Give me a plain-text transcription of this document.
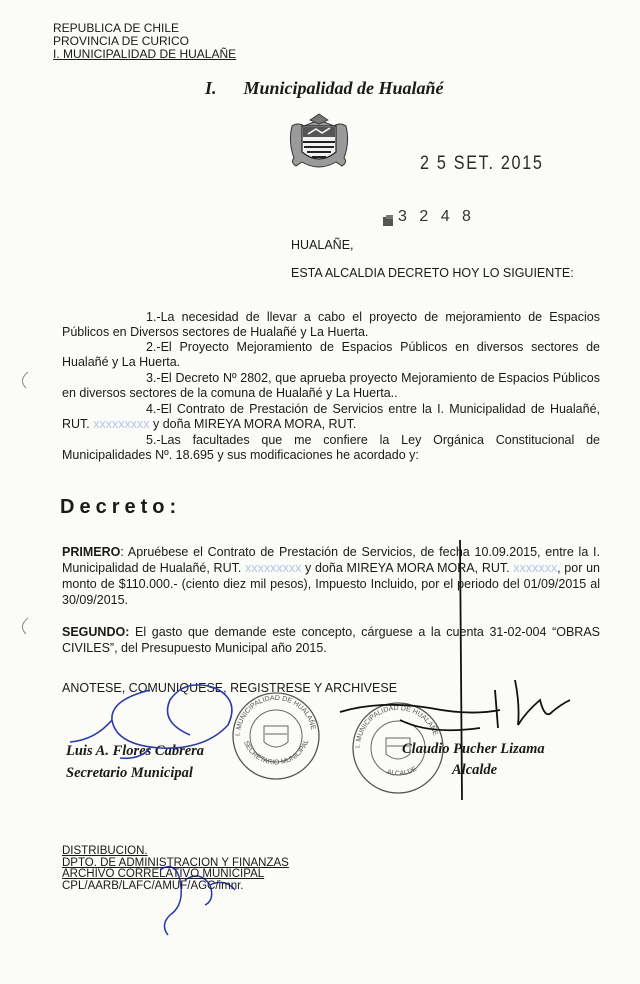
REPUBLICA DE CHILE
PROVINCIA DE CURICO
I. MUNICIPALIDAD DE HUALAÑE
I. Municipalidad de Hualañé
2 5 SET. 2015
3 2 4 8
HUALAÑE,
ESTA ALCALDIA DECRETO HOY LO SIGUIENTE:
1.-La necesidad de llevar a cabo el proyecto de mejoramiento de Espacios Públicos en Diversos sectores de Hualañé y La Huerta.
2.-El Proyecto Mejoramiento de Espacios Públicos en diversos sectores de Hualañé y La Huerta.
3.-El Decreto Nº 2802, que aprueba proyecto Mejoramiento de Espacios Públicos en diversos sectores de la comuna de Hualañé y La Huerta..
4.-El Contrato de Prestación de Servicios entre la I. Municipalidad de Hualañé, RUT. xxxxxxxxx y doña MIREYA MORA MORA, RUT.
5.-Las facultades que me confiere la Ley Orgánica Constitucional de Municipalidades Nº. 18.695 y sus modificaciones he acordado y:
Decreto:
PRIMERO: Apruébese el Contrato de Prestación de Servicios, de fecha 10.09.2015, entre la I. Municipalidad de Hualañé, RUT. xxxxxxxxx y doña MIREYA MORA MORA, RUT. xxxxxxx, por un monto de $110.000.- (ciento diez mil pesos), Impuesto Incluido, por el periodo del 01/09/2015 al 30/09/2015.
SEGUNDO: El gasto que demande este concepto, cárguese a la cuenta 31-02-004 “OBRAS CIVILES”, del Presupuesto Municipal año 2015.
ANOTESE, COMUNIQUESE, REGISTRESE Y ARCHIVESE
I. MUNICIPALIDAD DE HUALAÑE
SECRETARIO MUNICIPAL
I. MUNICIPALIDAD DE HUALAÑE
ALCALDE
Luis A. Flores Cabrera
Secretario Municipal
Claudio Pucher Lizama
Alcalde
DISTRIBUCION.
DPTO. DE ADMINISTRACION Y FINANZAS
ARCHIVO CORRELATIVO MUNICIPAL
CPL/AARB/LAFC/AMUF/AGC/imnr.
